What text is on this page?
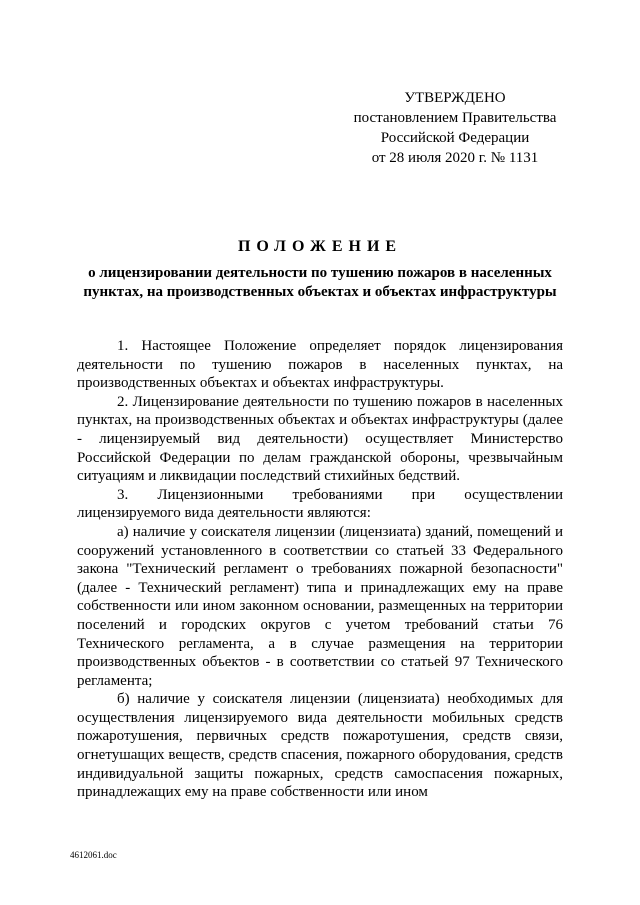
УТВЕРЖДЕНО
постановлением Правительства
Российской Федерации
от 28 июля 2020 г. № 1131
ПОЛОЖЕНИЕ
о лицензировании деятельности по тушению пожаров в населенных
пунктах, на производственных объектах и объектах инфраструктуры

1. Настоящее Положение определяет порядок лицензирования деятельности по тушению пожаров в населенных пунктах, на производственных объектах и объектах инфраструктуры.

2. Лицензирование деятельности по тушению пожаров в населенных пунктах, на производственных объектах и объектах инфраструктуры (далее - лицензируемый вид деятельности) осуществляет Министерство Российской Федерации по делам гражданской обороны, чрезвычайным ситуациям и ликвидации последствий стихийных бедствий.

3. Лицензионными требованиями при осуществлении лицензируемого вида деятельности являются:

а) наличие у соискателя лицензии (лицензиата) зданий, помещений и сооружений установленного в соответствии со статьей 33 Федерального закона "Технический регламент о требованиях пожарной безопасности" (далее - Технический регламент) типа и принадлежащих ему на праве собственности или ином законном основании, размещенных на территории поселений и городских округов с учетом требований статьи 76 Технического регламента, а в случае размещения на территории производственных объектов - в соответствии со статьей 97 Технического регламента;

б) наличие у соискателя лицензии (лицензиата) необходимых для осуществления лицензируемого вида деятельности мобильных средств пожаротушения, первичных средств пожаротушения, средств связи, огнетушащих веществ, средств спасения, пожарного оборудования, средств индивидуальной защиты пожарных, средств самоспасения пожарных, принадлежащих ему на праве собственности или ином

4612061.doc
